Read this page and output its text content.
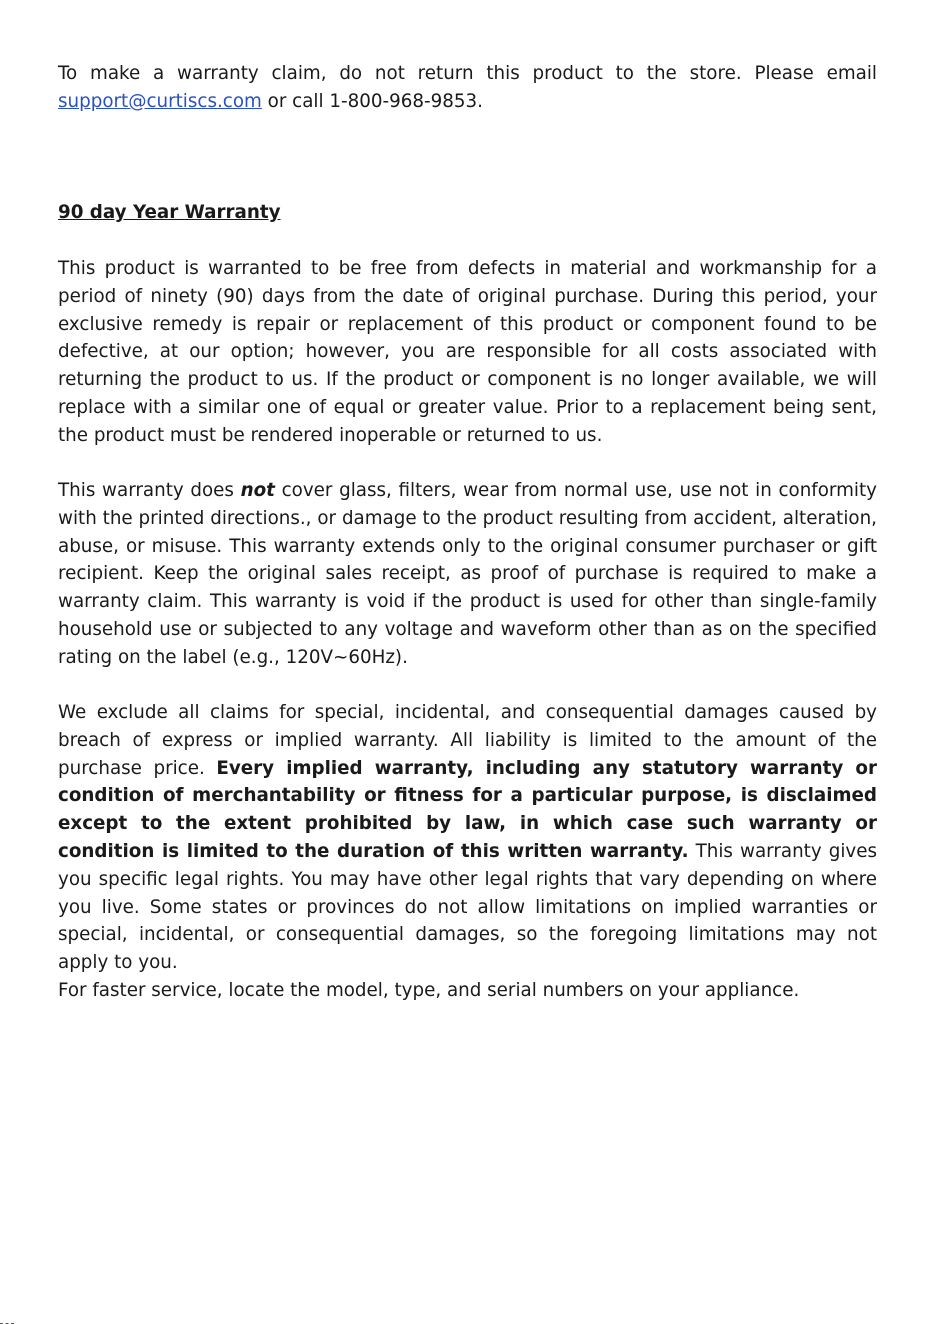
To make a warranty claim, do not return this product to the store. Please email support@curtiscs.com or call 1-800-968-9853.

90 day Year Warranty

This product is warranted to be free from defects in material and workmanship for a period of ninety (90) days from the date of original purchase. During this period, your exclusive remedy is repair or replacement of this product or component found to be defective, at our option; however, you are responsible for all costs associated with returning the product to us. If the product or component is no longer available, we will replace with a similar one of equal or greater value. Prior to a replacement being sent, the product must be rendered inoperable or returned to us.

This warranty does not cover glass, filters, wear from normal use, use not in conformity with the printed directions., or damage to the product resulting from accident, alteration, abuse, or misuse. This warranty extends only to the original consumer purchaser or gift recipient. Keep the original sales receipt, as proof of purchase is required to make a warranty claim. This warranty is void if the product is used for other than single-family household use or subjected to any voltage and waveform other than as on the specified rating on the label (e.g., 120V~60Hz).

We exclude all claims for special, incidental, and consequential damages caused by breach of express or implied warranty. All liability is limited to the amount of the purchase price. Every implied warranty, including any statutory warranty or condition of merchantability or fitness for a particular purpose, is disclaimed except to the extent prohibited by law, in which case such warranty or condition is limited to the duration of this written warranty. This warranty gives you specific legal rights. You may have other legal rights that vary depending on where you live. Some states or provinces do not allow limitations on implied warranties or special, incidental, or consequential damages, so the foregoing limitations may not apply to you.

For faster service, locate the model, type, and serial numbers on your appliance.
